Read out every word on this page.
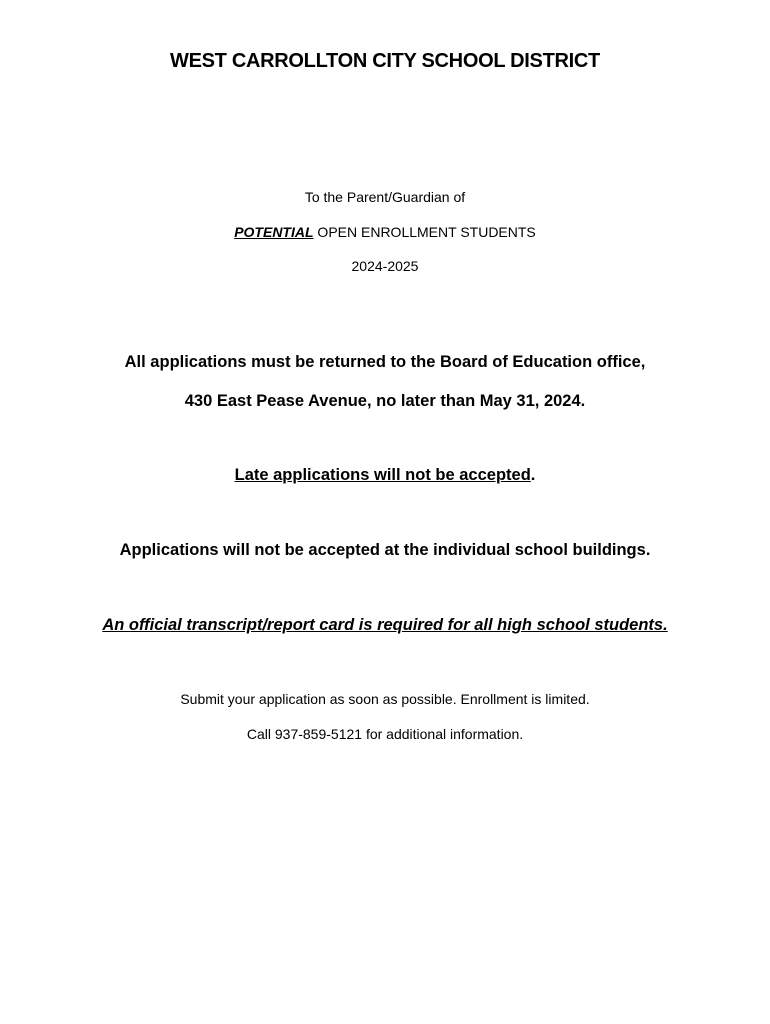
WEST CARROLLTON CITY SCHOOL DISTRICT
To the Parent/Guardian of
POTENTIAL OPEN ENROLLMENT STUDENTS
2024-2025
All applications must be returned to the Board of Education office,
430 East Pease Avenue, no later than May 31, 2024.
Late applications will not be accepted.
Applications will not be accepted at the individual school buildings.
An official transcript/report card is required for all high school students.
Submit your application as soon as possible. Enrollment is limited.
Call 937-859-5121 for additional information.
